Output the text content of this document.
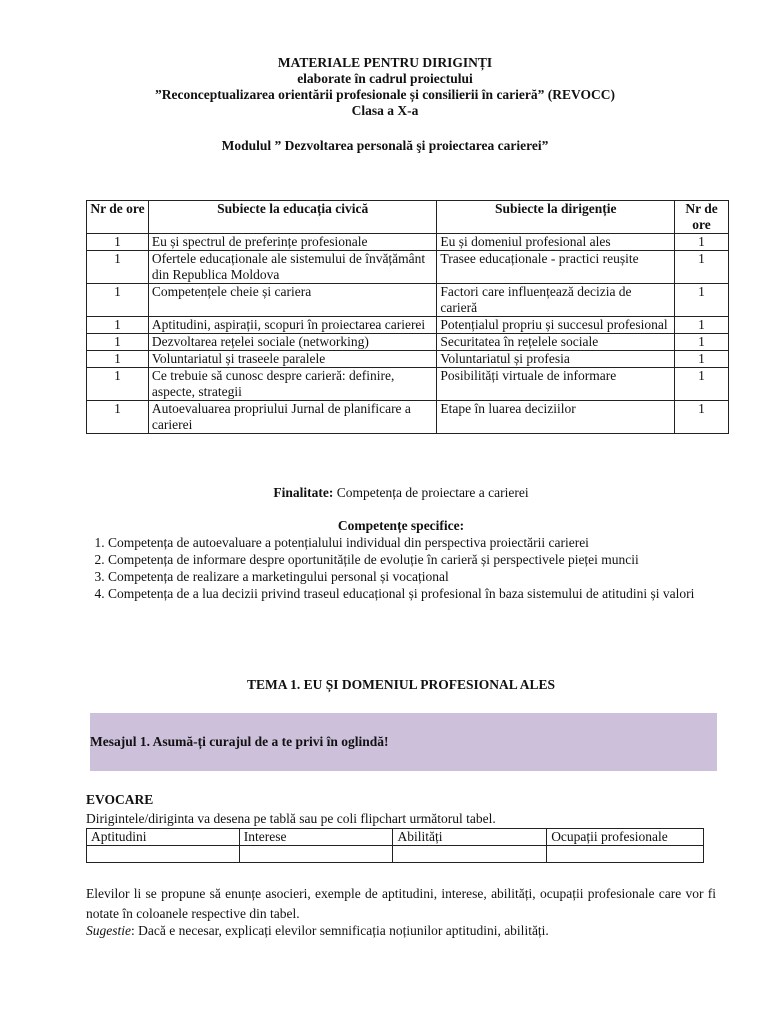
MATERIALE PENTRU DIRIGINȚI
elaborate în cadrul proiectului
”Reconceptualizarea orientării profesionale și consilierii în carieră” (REVOCC)
Clasa a X-a
Modulul ” Dezvoltarea personală şi proiectarea carierei”
Nr de ore	Subiecte la educația civică	Subiecte la dirigenție	Nr de ore
1	Eu și spectrul de preferințe profesionale	Eu și domeniul profesional ales	1
1	Ofertele educaționale ale sistemului de învățământ din Republica Moldova	Trasee educaționale - practici reușite	1
1	Competențele cheie și cariera	Factori care influențează decizia de carieră	1
1	Aptitudini, aspirații, scopuri în proiectarea carierei	Potențialul propriu și succesul profesional	1
1	Dezvoltarea rețelei sociale (networking)	Securitatea în rețelele sociale	1
1	Voluntariatul și traseele paralele	Voluntariatul și profesia	1
1	Ce trebuie să cunosc despre carieră: definire, aspecte, strategii	Posibilități virtuale de informare	1
1	Autoevaluarea propriului Jurnal de planificare a carierei	Etape în luarea deciziilor	1
Finalitate: Competența de proiectare a carierei
Competențe specifice:
1. Competența de autoevaluare a potențialului individual din perspectiva proiectării carierei
2. Competența de informare despre oportunitățile de evoluție în carieră și perspectivele pieței muncii
3. Competența de realizare a marketingului personal și vocațional
4. Competența de a lua decizii privind traseul educațional și profesional în baza sistemului de atitudini și valori
TEMA 1. EU ȘI DOMENIUL PROFESIONAL ALES
Mesajul 1. Asumă-ți curajul de a te privi în oglindă!
EVOCARE
Dirigintele/diriginta va desena pe tablă sau pe coli flipchart următorul tabel.
Aptitudini	Interese	Abilități	Ocupații profesionale

Elevilor li se propune să enunțe asocieri, exemple de aptitudini, interese, abilități, ocupații profesionale care vor fi notate în coloanele respective din tabel.
Sugestie: Dacă e necesar, explicați elevilor semnificația noțiunilor aptitudini, abilități.
